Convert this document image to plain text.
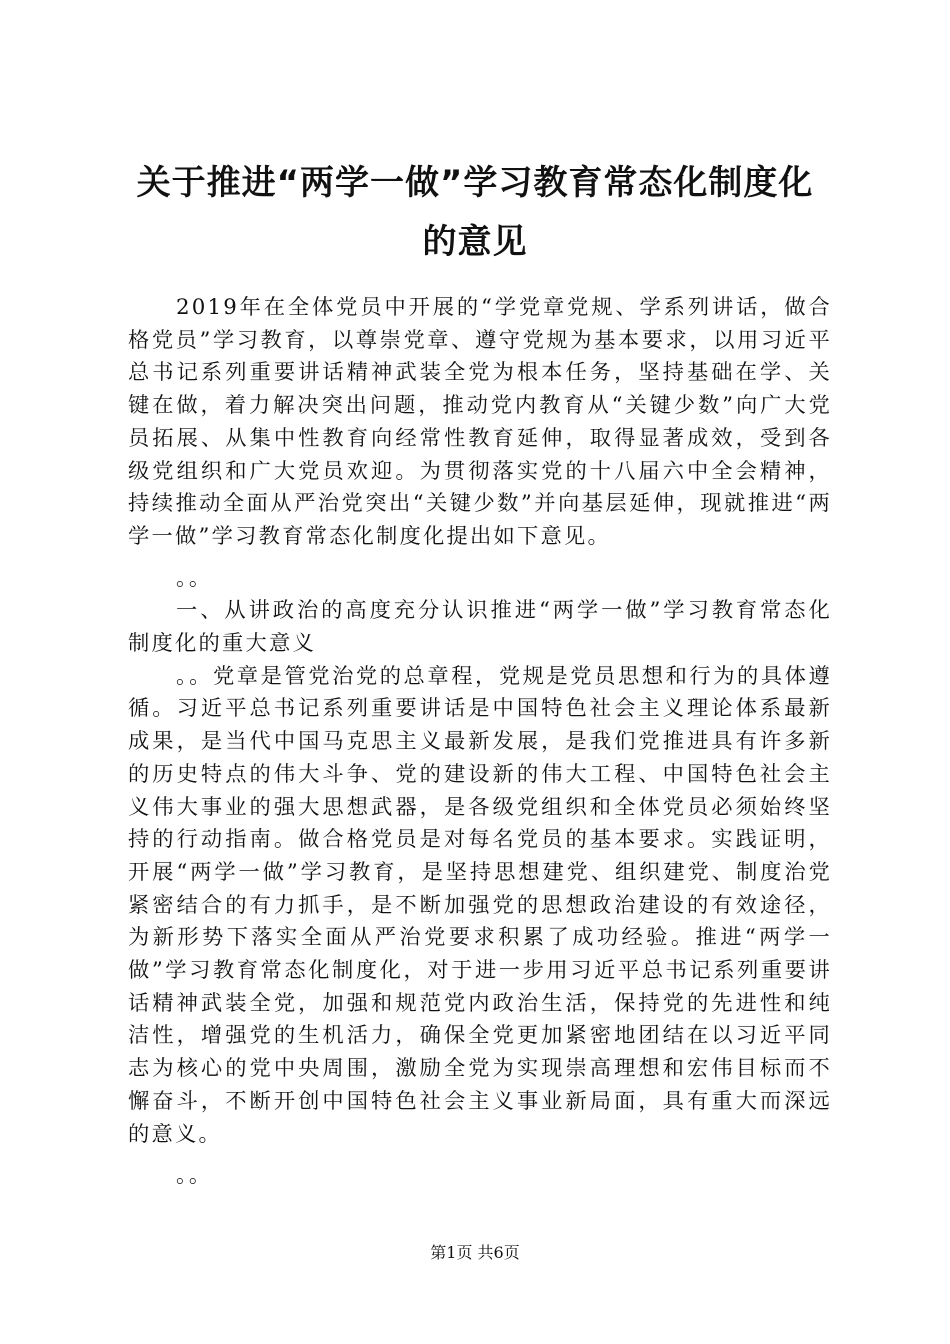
关于推进“两学一做”学习教育常态化制度化
的意见

2019年在全体党员中开展的“学党章党规、学系列讲话，做合格党员”学习教育，以尊崇党章、遵守党规为基本要求，以用习近平总书记系列重要讲话精神武装全党为根本任务，坚持基础在学、关键在做，着力解决突出问题，推动党内教育从“关键少数”向广大党员拓展、从集中性教育向经常性教育延伸，取得显著成效，受到各级党组织和广大党员欢迎。为贯彻落实党的十八届六中全会精神，持续推动全面从严治党突出“关键少数”并向基层延伸，现就推进“两学一做”学习教育常态化制度化提出如下意见。

。。

一、从讲政治的高度充分认识推进“两学一做”学习教育常态化制度化的重大意义

。。党章是管党治党的总章程，党规是党员思想和行为的具体遵循。习近平总书记系列重要讲话是中国特色社会主义理论体系最新成果，是当代中国马克思主义最新发展，是我们党推进具有许多新的历史特点的伟大斗争、党的建设新的伟大工程、中国特色社会主义伟大事业的强大思想武器，是各级党组织和全体党员必须始终坚持的行动指南。做合格党员是对每名党员的基本要求。实践证明，开展“两学一做”学习教育，是坚持思想建党、组织建党、制度治党紧密结合的有力抓手，是不断加强党的思想政治建设的有效途径，为新形势下落实全面从严治党要求积累了成功经验。推进“两学一做”学习教育常态化制度化，对于进一步用习近平总书记系列重要讲话精神武装全党，加强和规范党内政治生活，保持党的先进性和纯洁性，增强党的生机活力，确保全党更加紧密地团结在以习近平同志为核心的党中央周围，激励全党为实现崇高理想和宏伟目标而不懈奋斗，不断开创中国特色社会主义事业新局面，具有重大而深远的意义。

。。

第1页 共6页
